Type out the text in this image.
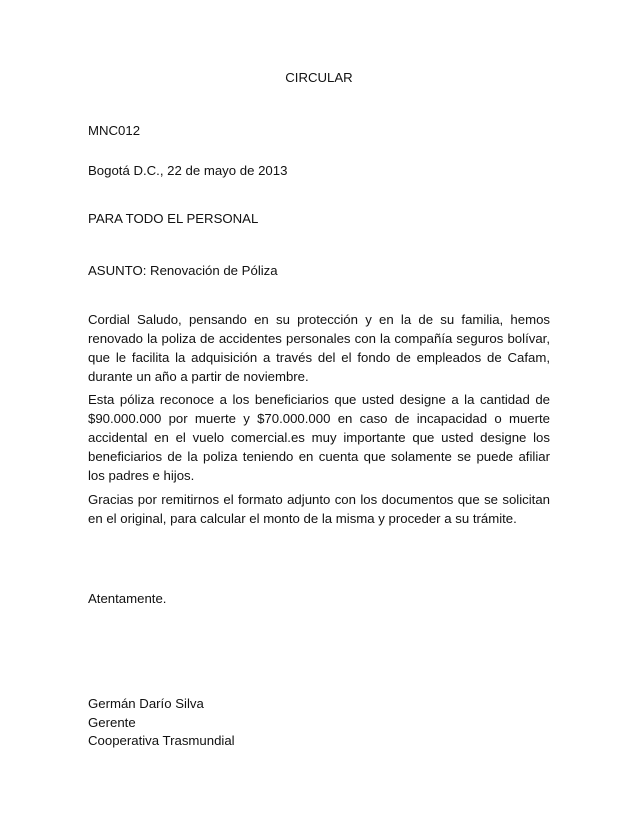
CIRCULAR
MNC012
Bogotá D.C., 22 de mayo de 2013
PARA TODO EL PERSONAL
ASUNTO: Renovación de Póliza

Cordial Saludo, pensando en su protección y en la de su familia, hemos renovado la poliza de accidentes personales con la compañía seguros bolívar, que le facilita la adquisición a través del el fondo de empleados de Cafam, durante un año a partir de noviembre.

Esta póliza reconoce a los beneficiarios que usted designe a la cantidad de $90.000.000 por muerte y $70.000.000 en caso de incapacidad o muerte accidental en el vuelo comercial.es muy importante que usted designe los beneficiarios de la poliza teniendo en cuenta que solamente se puede afiliar los padres e hijos.

Gracias por remitirnos el formato adjunto con los documentos que se solicitan en el original, para calcular el monto de la misma y proceder a su trámite.

Atentamente.
Germán Darío Silva
Gerente
Cooperativa Trasmundial
